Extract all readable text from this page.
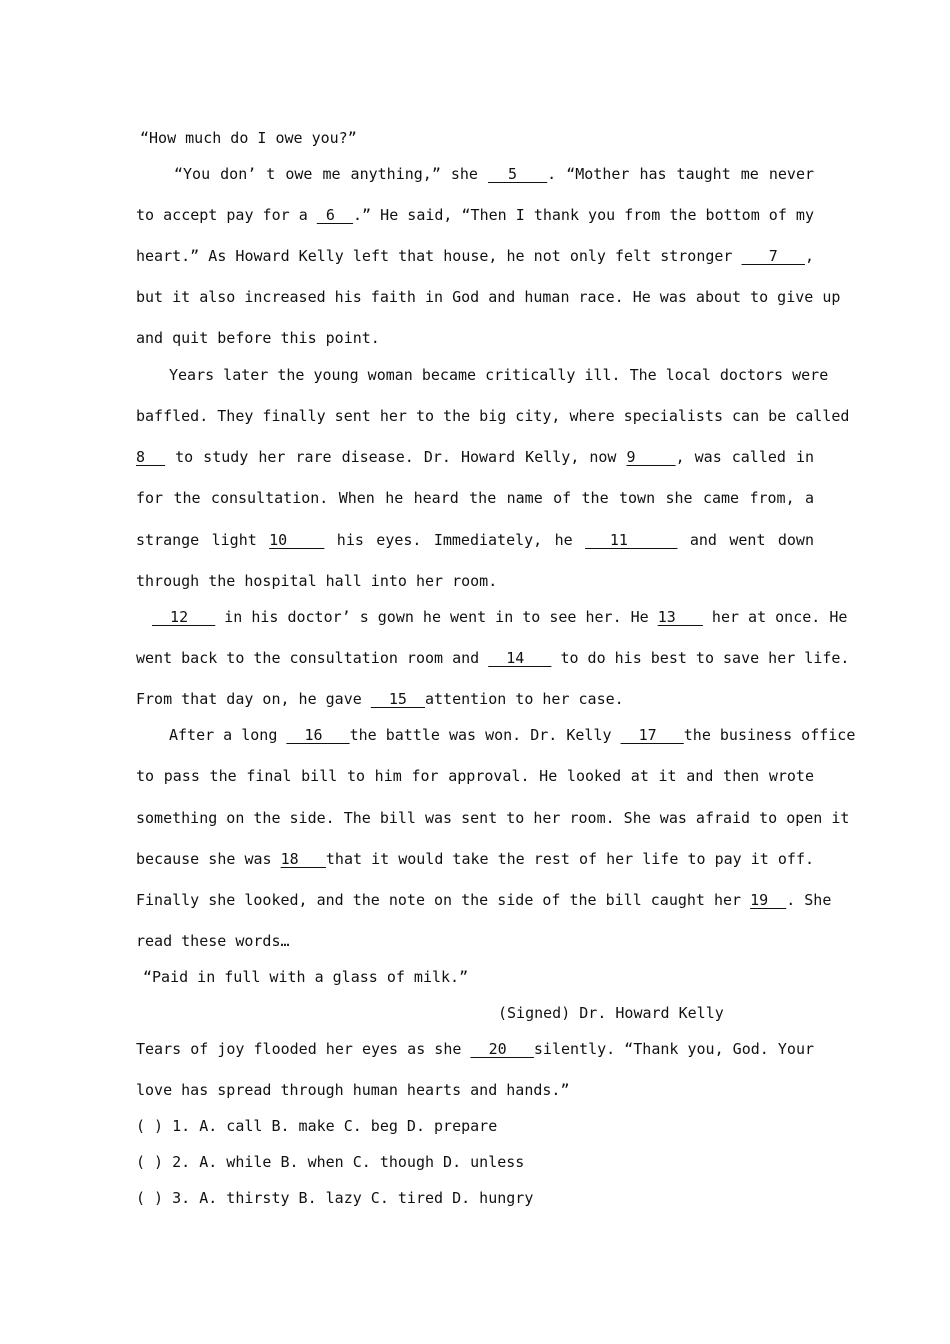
“How much do I owe you?”
“You don’ t owe me anything,” she   5   . “Mother has taught me never
to accept pay for a  6  .” He said, “Then I thank you from the bottom of my
heart.” As Howard Kelly left that house, he not only felt stronger    7   ,
but it also increased his faith in God and human race. He was about to give up
and quit before this point.
Years later the young woman became critically ill. The local doctors were
baffled. They finally sent her to the big city, where specialists can be called
8   to study her rare disease. Dr. Howard Kelly, now 9    , was called in
for the consultation. When he heard the name of the town she came from, a
strange light 10    his eyes. Immediately, he   11     and went down
through the hospital hall into her room.
12    in his doctor’ s gown he went in to see her. He 13    her at once. He
went back to the consultation room and   14    to do his best to save her life.
From that day on, he gave   15  attention to her case.
After a long   16   the battle was won. Dr. Kelly   17   the business office
to pass the final bill to him for approval. He looked at it and then wrote
something on the side. The bill was sent to her room. She was afraid to open it
because she was 18   that it would take the rest of her life to pay it off.
Finally she looked, and the note on the side of the bill caught her 19  . She
read these words…
“Paid in full with a glass of milk.”
(Signed) Dr. Howard Kelly
Tears of joy flooded her eyes as she   20   silently. “Thank you, God. Your
love has spread through human hearts and hands.”
( ) 1. A. call B. make C. beg D. prepare
( ) 2. A. while B. when C. though D. unless
( ) 3. A. thirsty B. lazy C. tired D. hungry
